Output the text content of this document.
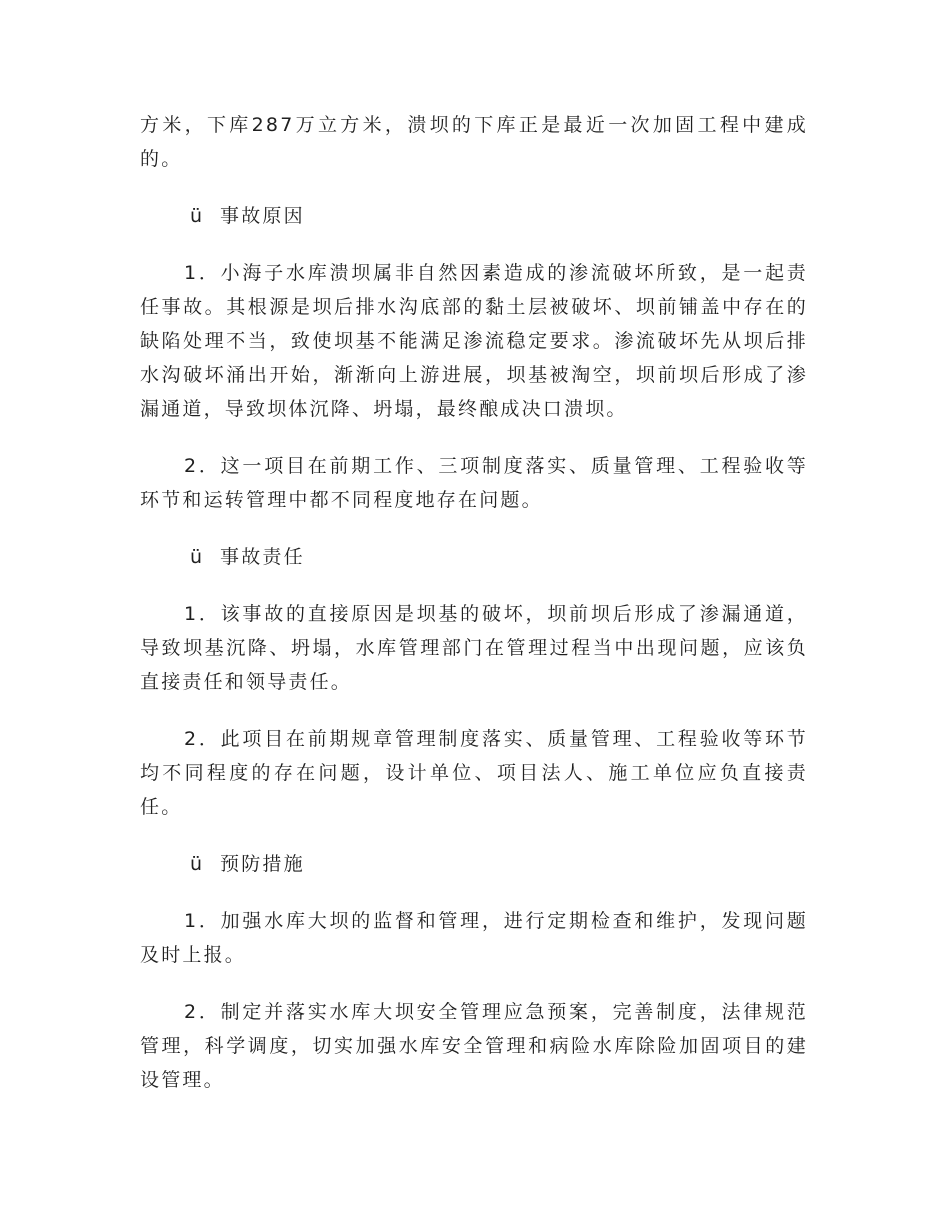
方米，下库287万立方米，溃坝的下库正是最近一次加固工程中建成的。

ü 事故原因

1．小海子水库溃坝属非自然因素造成的渗流破坏所致，是一起责任事故。其根源是坝后排水沟底部的黏土层被破坏、坝前铺盖中存在的缺陷处理不当，致使坝基不能满足渗流稳定要求。渗流破坏先从坝后排水沟破坏涌出开始，渐渐向上游进展，坝基被淘空，坝前坝后形成了渗漏通道，导致坝体沉降、坍塌，最终酿成决口溃坝。

2．这一项目在前期工作、三项制度落实、质量管理、工程验收等环节和运转管理中都不同程度地存在问题。

ü 事故责任

1．该事故的直接原因是坝基的破坏，坝前坝后形成了渗漏通道，导致坝基沉降、坍塌，水库管理部门在管理过程当中出现问题，应该负直接责任和领导责任。

2．此项目在前期规章管理制度落实、质量管理、工程验收等环节均不同程度的存在问题，设计单位、项目法人、施工单位应负直接责任。

ü 预防措施

1．加强水库大坝的监督和管理，进行定期检查和维护，发现问题及时上报。

2．制定并落实水库大坝安全管理应急预案，完善制度，法律规范管理，科学调度，切实加强水库安全管理和病险水库除险加固项目的建设管理。
